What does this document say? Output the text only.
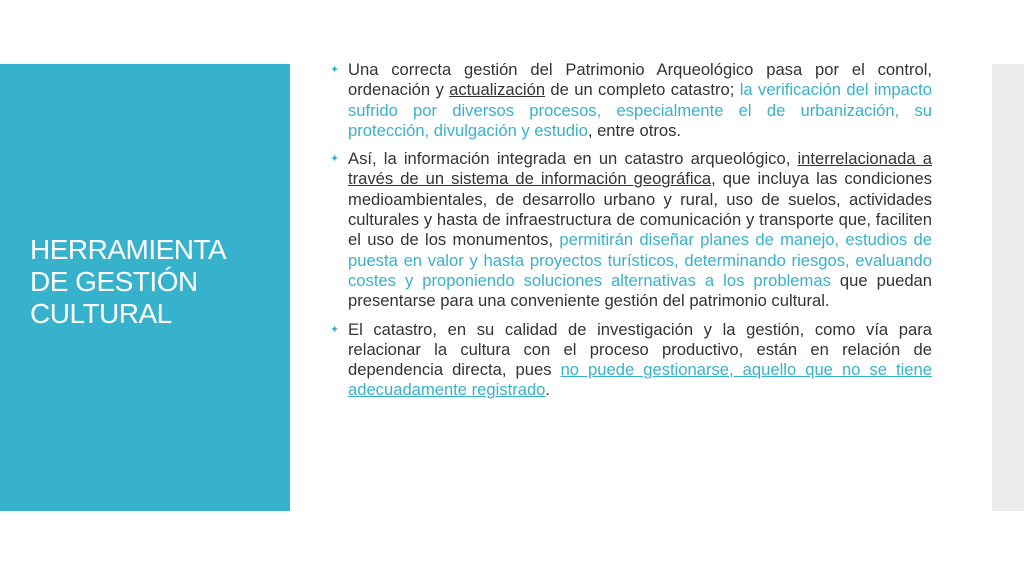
HERRAMIENTA
DE GESTIÓN
CULTURAL
✦ Una correcta gestión del Patrimonio Arqueológico pasa por el control, ordenación y actualización de un completo catastro; la verificación del impacto sufrido por diversos procesos, especialmente el de urbanización, su protección, divulgación y estudio, entre otros.
✦ Así, la información integrada en un catastro arqueológico, interrelacionada a través de un sistema de información geográfica, que incluya las condiciones medioambientales, de desarrollo urbano y rural, uso de suelos, actividades culturales y hasta de infraestructura de comunicación y transporte que, faciliten el uso de los monumentos, permitirán diseñar planes de manejo, estudios de puesta en valor y hasta proyectos turísticos, determinando riesgos, evaluando costes y proponiendo soluciones alternativas a los problemas que puedan presentarse para una conveniente gestión del patrimonio cultural.
✦ El catastro, en su calidad de investigación y la gestión, como vía para relacionar la cultura con el proceso productivo, están en relación de dependencia directa, pues no puede gestionarse, aquello que no se tiene adecuadamente registrado.
